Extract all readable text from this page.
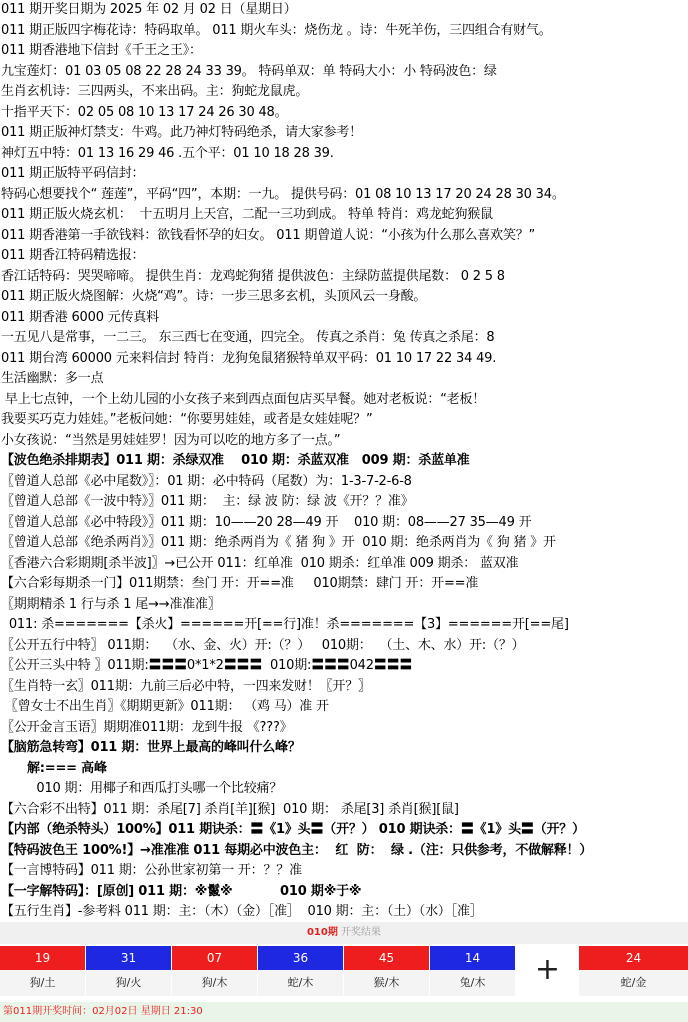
011 期开奖日期为 2025 年 02 月 02 日（星期日）
011 期正版四字梅花诗：特码取单。 011 期火车头：烧伤龙 。诗：牛死羊伤，三四组合有财气。
011 期香港地下信封《千王之王》：
九宝莲灯：01 03 05 08 22 28 24 33 39。 特码单双：单 特码大小：小 特码波色：绿
生肖玄机诗：三四两头，不来出码。主：狗蛇龙鼠虎。
十指平天下：02 05 08 10 13 17 24 26 30 48。
011 期正版神灯禁支：牛鸡。此乃神灯特码绝杀，请大家参考！
神灯五中特：01 13 16 29 46 .五个平：01 10 18 28 39.
011 期正版特平码信封：
特码心想要找个“ 莲莲”，平码“四”，本期：一九。 提供号码：01 08 10 13 17 20 24 28 30 34。
011 期正版火烧玄机：  十五明月上天宫，二配一三功到成。 特单 特肖：鸡龙蛇狗猴鼠
011 期香港第一手欲钱料：欲钱看怀孕的妇女。 011 期曾道人说：“小孩为什么那么喜欢笑？”
011 期香江特码精选报：
香江话特码：哭哭啼啼。 提供生肖：龙鸡蛇狗猪 提供波色：主绿防蓝提供尾数： 0 2 5 8
011 期正版火烧图解：火烧“鸡”。诗：一步三思多玄机，头顶风云一身酸。
011 期香港 6000 元传真料
一五见八是常事，一二三。 东三西七在变通，四完全。 传真之杀肖：兔 传真之杀尾：8
011 期台湾 60000 元来料信封 特肖：龙狗兔鼠猪猴特单双平码：01 10 17 22 34 49.
生活幽默：多一点
早上七点钟，一个上幼儿园的小女孩子来到西点面包店买早餐。她对老板说：“老板！
我要买巧克力娃娃。”老板问她：“你要男娃娃，或者是女娃娃呢？”
小女孩说：“当然是男娃娃罗！因为可以吃的地方多了一点。”
【波色绝杀排期表】011 期：杀绿双准    010 期：杀蓝双准   009 期：杀蓝单准
〖曾道人总部《必中尾数》〗：01 期：必中特码（尾数）为：1-3-7-2-6-8
〖曾道人总部《一波中特》〗011 期：  主：绿 波 防：绿 波《开？？准》
〖曾道人总部《必中特段》〗011 期：10——20 28—49 开    010 期：08——27 35—49 开
〖曾道人总部《绝杀两肖》〗011 期：绝杀两肖为《 猪 狗 》开  010 期：绝杀两肖为《 狗 猪 》开
〖香港六合彩期期[杀半波]〗→已公开 011：红单准  010 期杀：红单准 009 期杀： 蓝双准
【六合彩每期杀一门】011期禁：叁门 开：开==准     010期禁：肆门 开：开==准
〖期期精杀 1 行与杀 1 尾→→准准准〗
011: 杀=======【杀火】======开[==行]准！杀=======【3】======开[==尾]
〖公开五行中特〗 011期：  （水、金、火）开:（？）   010期：  （土、木、水）开:（？）
〖公开三头中特 〗011期:〓〓〓0*1*2〓〓〓  010期:〓〓〓042〓〓〓
〖生肖特一玄〗011期：九前三后必中特，一四来发财！〖开？〗
〖曾女士不出生肖〗《期期更新》011期： （鸡 马）准 开
〖公开金言玉语〗期期准011期：龙到牛报 《???》
【脑筋急转弯】011 期：世界上最高的峰叫什么峰？
解:=== 高峰
010 期：用椰子和西瓜打头哪一个比较痛？
【六合彩不出特】011 期：杀尾[7] 杀肖[羊][猴]  010 期： 杀尾[3] 杀肖[猴][鼠]
【内部（绝杀特头）100%】011 期诀杀：〓《1》头〓（开？） 010 期诀杀：〓《1》头〓（开？）
【特码波色王 100%!】→准准准 011 每期必中波色主：  红  防：  绿 .（注：只供参考，不做解释！）
【一言博特码】011 期：公孙世家初第一 开：？？准
【一字解特码】：[原创] 011 期：※鬣※           010 期※于※
【五行生肖】-参考料 011 期：主：（木）（金）［准］  010 期：主：（土）（水）［准］
010期 开奖结果
19
狗/土
31
狗/火
07
狗/木
36
蛇/木
45
猴/木
14
兔/木	+	24
蛇/金
第011期开奖时间：02月02日 星期日 21:30
